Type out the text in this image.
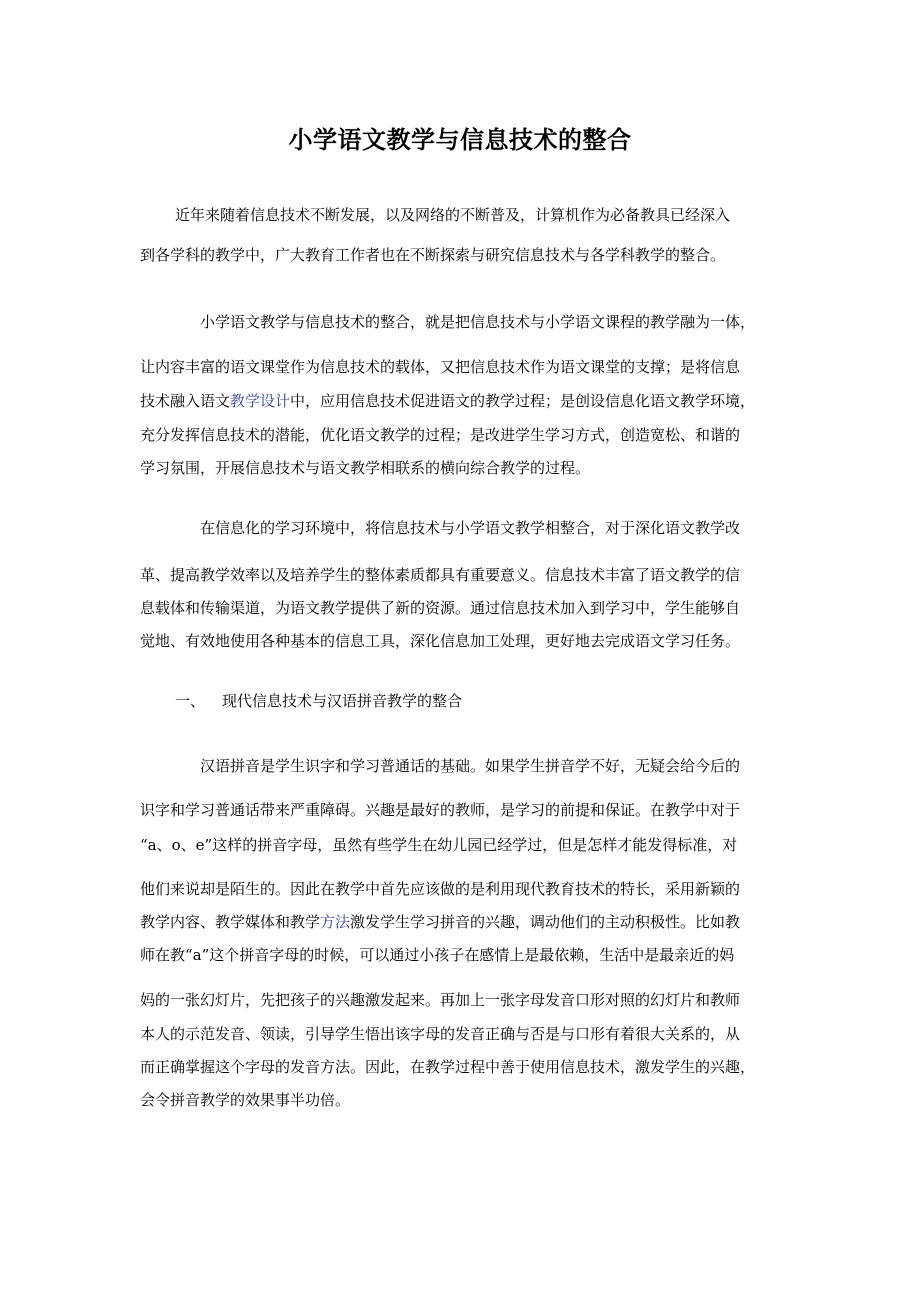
小学语文教学与信息技术的整合
近年来随着信息技术不断发展，以及网络的不断普及，计算机作为必备教具已经深入
到各学科的教学中，广大教育工作者也在不断探索与研究信息技术与各学科教学的整合。
小学语文教学与信息技术的整合，就是把信息技术与小学语文课程的教学融为一体，
让内容丰富的语文课堂作为信息技术的载体，又把信息技术作为语文课堂的支撑；是将信息
技术融入语文教学设计中，应用信息技术促进语文的教学过程；是创设信息化语文教学环境，
充分发挥信息技术的潜能，优化语文教学的过程；是改进学生学习方式，创造宽松、和谐的
学习氛围，开展信息技术与语文教学相联系的横向综合教学的过程。
在信息化的学习环境中，将信息技术与小学语文教学相整合，对于深化语文教学改
革、提高教学效率以及培养学生的整体素质都具有重要意义。信息技术丰富了语文教学的信
息载体和传输渠道，为语文教学提供了新的资源。通过信息技术加入到学习中，学生能够自
觉地、有效地使用各种基本的信息工具，深化信息加工处理，更好地去完成语文学习任务。
一、 现代信息技术与汉语拼音教学的整合
汉语拼音是学生识字和学习普通话的基础。如果学生拼音学不好，无疑会给今后的
识字和学习普通话带来严重障碍。兴趣是最好的教师，是学习的前提和保证。在教学中对于
“a、o、e”这样的拼音字母，虽然有些学生在幼儿园已经学过，但是怎样才能发得标准，对
他们来说却是陌生的。因此在教学中首先应该做的是利用现代教育技术的特长，采用新颖的
教学内容、教学媒体和教学方法激发学生学习拼音的兴趣，调动他们的主动积极性。比如教
师在教“a”这个拼音字母的时候，可以通过小孩子在感情上是最依赖，生活中是最亲近的妈
妈的一张幻灯片，先把孩子的兴趣激发起来。再加上一张字母发音口形对照的幻灯片和教师
本人的示范发音、领读，引导学生悟出该字母的发音正确与否是与口形有着很大关系的，从
而正确掌握这个字母的发音方法。因此，在教学过程中善于使用信息技术，激发学生的兴趣，
会令拼音教学的效果事半功倍。
